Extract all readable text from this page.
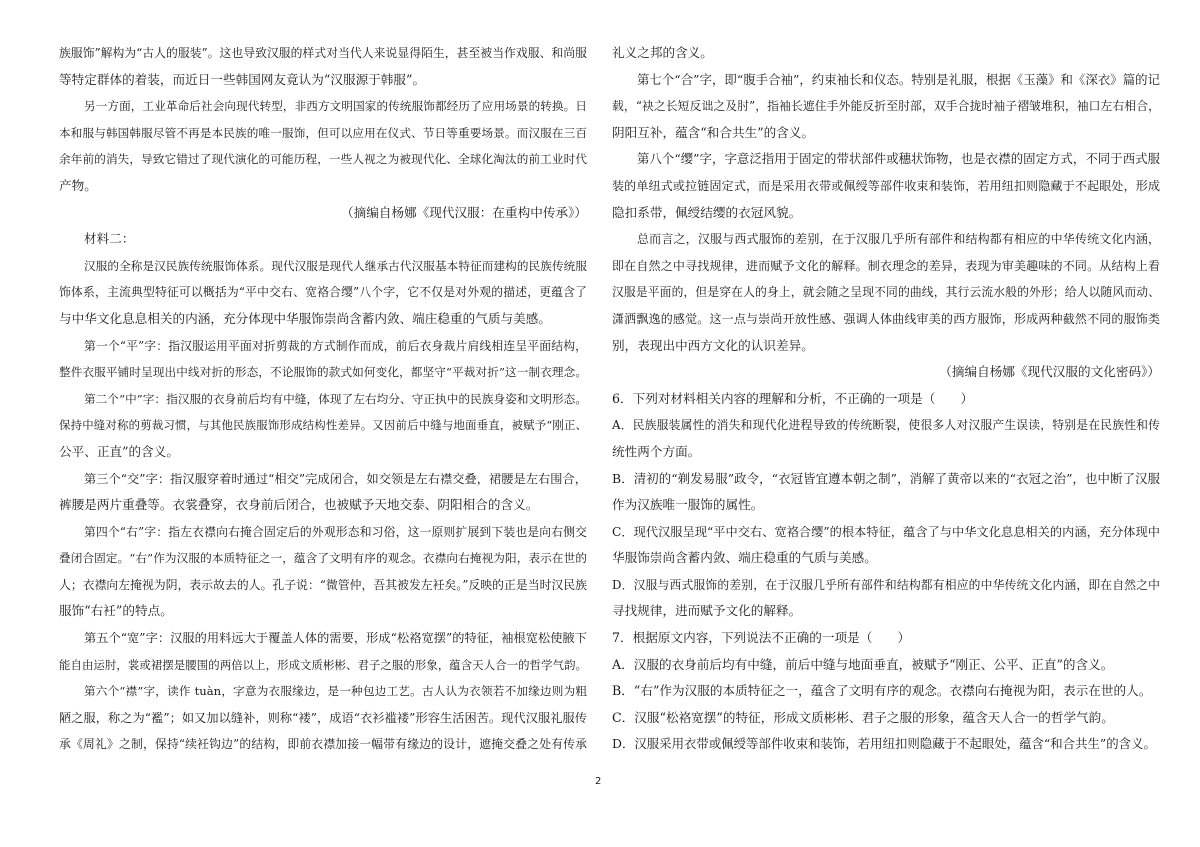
族服饰”解构为“古人的服装”。这也导致汉服的样式对当代人来说显得陌生，甚至被当作戏服、和尚服
等特定群体的着装，而近日一些韩国网友竟认为“汉服源于韩服”。
另一方面，工业革命后社会向现代转型，非西方文明国家的传统服饰都经历了应用场景的转换。日
本和服与韩国韩服尽管不再是本民族的唯一服饰，但可以应用在仪式、节日等重要场景。而汉服在三百
余年前的消失，导致它错过了现代演化的可能历程，一些人视之为被现代化、全球化淘汰的前工业时代
产物。
（摘编自杨娜《现代汉服：在重构中传承》）
材料二：
汉服的全称是汉民族传统服饰体系。现代汉服是现代人继承古代汉服基本特征而建构的民族传统服
饰体系，主流典型特征可以概括为“平中交右、宽袼合缨”八个字，它不仅是对外观的描述，更蕴含了
与中华文化息息相关的内涵，充分体现中华服饰崇尚含蓄内敛、端庄稳重的气质与美感。
第一个“平”字：指汉服运用平面对折剪裁的方式制作而成，前后衣身裁片肩线相连呈平面结构，
整件衣服平铺时呈现出中线对折的形态，不论服饰的款式如何变化，都坚守“平裁对折”这一制衣理念。
第二个“中”字：指汉服的衣身前后均有中缝，体现了左右均分、守正执中的民族身姿和文明形态。
保持中缝对称的剪裁习惯，与其他民族服饰形成结构性差异。又因前后中缝与地面垂直，被赋予“刚正、
公平、正直”的含义。
第三个“交”字：指汉服穿着时通过“相交”完成闭合，如交领是左右襟交叠，裙腰是左右围合，
裤腰是两片重叠等。衣裳叠穿，衣身前后闭合，也被赋予天地交泰、阴阳相合的含义。
第四个“右”字：指左衣襟向右掩合固定后的外观形态和习俗，这一原则扩展到下装也是向右侧交
叠闭合固定。“右”作为汉服的本质特征之一，蕴含了文明有序的观念。衣襟向右掩视为阳，表示在世的
人；衣襟向左掩视为阴，表示故去的人。孔子说：“微管仲，吾其被发左衽矣。”反映的正是当时汉民族
服饰“右衽”的特点。
第五个“宽”字：汉服的用料远大于覆盖人体的需要，形成“松袼宽摆”的特征，袖根宽松使腋下
能自由运肘，裳或裙摆是腰围的两倍以上，形成文质彬彬、君子之服的形象，蕴含天人合一的哲学气韵。
第六个“襟”字，读作 tuàn，字意为衣服缘边，是一种包边工艺。古人认为衣领若不加缘边则为粗
陋之服，称之为“襤”；如又加以缝补，则称“褛”，成语“衣衫褴褛”形容生活困苦。现代汉服礼服传
承《周礼》之制，保持“续衽钩边”的结构，即前衣襟加接一幅带有缘边的设计，遮掩交叠之处有传承
礼义之邦的含义。
第七个“合”字，即“腹手合袖”，约束袖长和仪态。特别是礼服，根据《玉藻》和《深衣》篇的记
载，“袂之长短反诎之及肘”，指袖长遮住手外能反折至肘部，双手合拢时袖子褶皱堆积，袖口左右相合，
阴阳互补，蕴含“和合共生”的含义。
第八个“缨”字，字意泛指用于固定的带状部件或穗状饰物，也是衣襟的固定方式，不同于西式服
装的单纽式或拉链固定式，而是采用衣带或佩绶等部件收束和装饰，若用纽扣则隐藏于不起眼处，形成
隐扣系带，佩绶结缨的衣冠风貌。
总而言之，汉服与西式服饰的差别，在于汉服几乎所有部件和结构都有相应的中华传统文化内涵，
即在自然之中寻找规律，进而赋予文化的解释。制衣理念的差异，表现为审美趣味的不同。从结构上看
汉服是平面的，但是穿在人的身上，就会随之呈现不同的曲线，其行云流水般的外形；给人以随风而动、
潇洒飘逸的感觉。这一点与崇尚开放性感、强调人体曲线审美的西方服饰，形成两种截然不同的服饰类
别，表现出中西方文化的认识差异。
（摘编自杨娜《现代汉服的文化密码》）
6．下列对材料相关内容的理解和分析，不正确的一项是（　　）
A．民族服装属性的消失和现代化进程导致的传统断裂，使很多人对汉服产生误读，特别是在民族性和传
统性两个方面。
B．清初的“剃发易服”政令，“衣冠皆宜遵本朝之制”，消解了黄帝以来的“衣冠之治”，也中断了汉服
作为汉族唯一服饰的属性。
C．现代汉服呈现“平中交右、宽袼合缨”的根本特征，蕴含了与中华文化息息相关的内涵，充分体现中
华服饰崇尚含蓄内敛、端庄稳重的气质与美感。
D．汉服与西式服饰的差别，在于汉服几乎所有部件和结构都有相应的中华传统文化内涵，即在自然之中
寻找规律，进而赋予文化的解释。
7．根据原文内容，下列说法不正确的一项是（　　）
A．汉服的衣身前后均有中缝，前后中缝与地面垂直，被赋予“刚正、公平、正直”的含义。
B．“右”作为汉服的本质特征之一，蕴含了文明有序的观念。衣襟向右掩视为阳，表示在世的人。
C．汉服“松袼宽摆”的特征，形成文质彬彬、君子之服的形象，蕴含天人合一的哲学气韵。
D．汉服采用衣带或佩绶等部件收束和装饰，若用纽扣则隐藏于不起眼处，蕴含“和合共生”的含义。
2
